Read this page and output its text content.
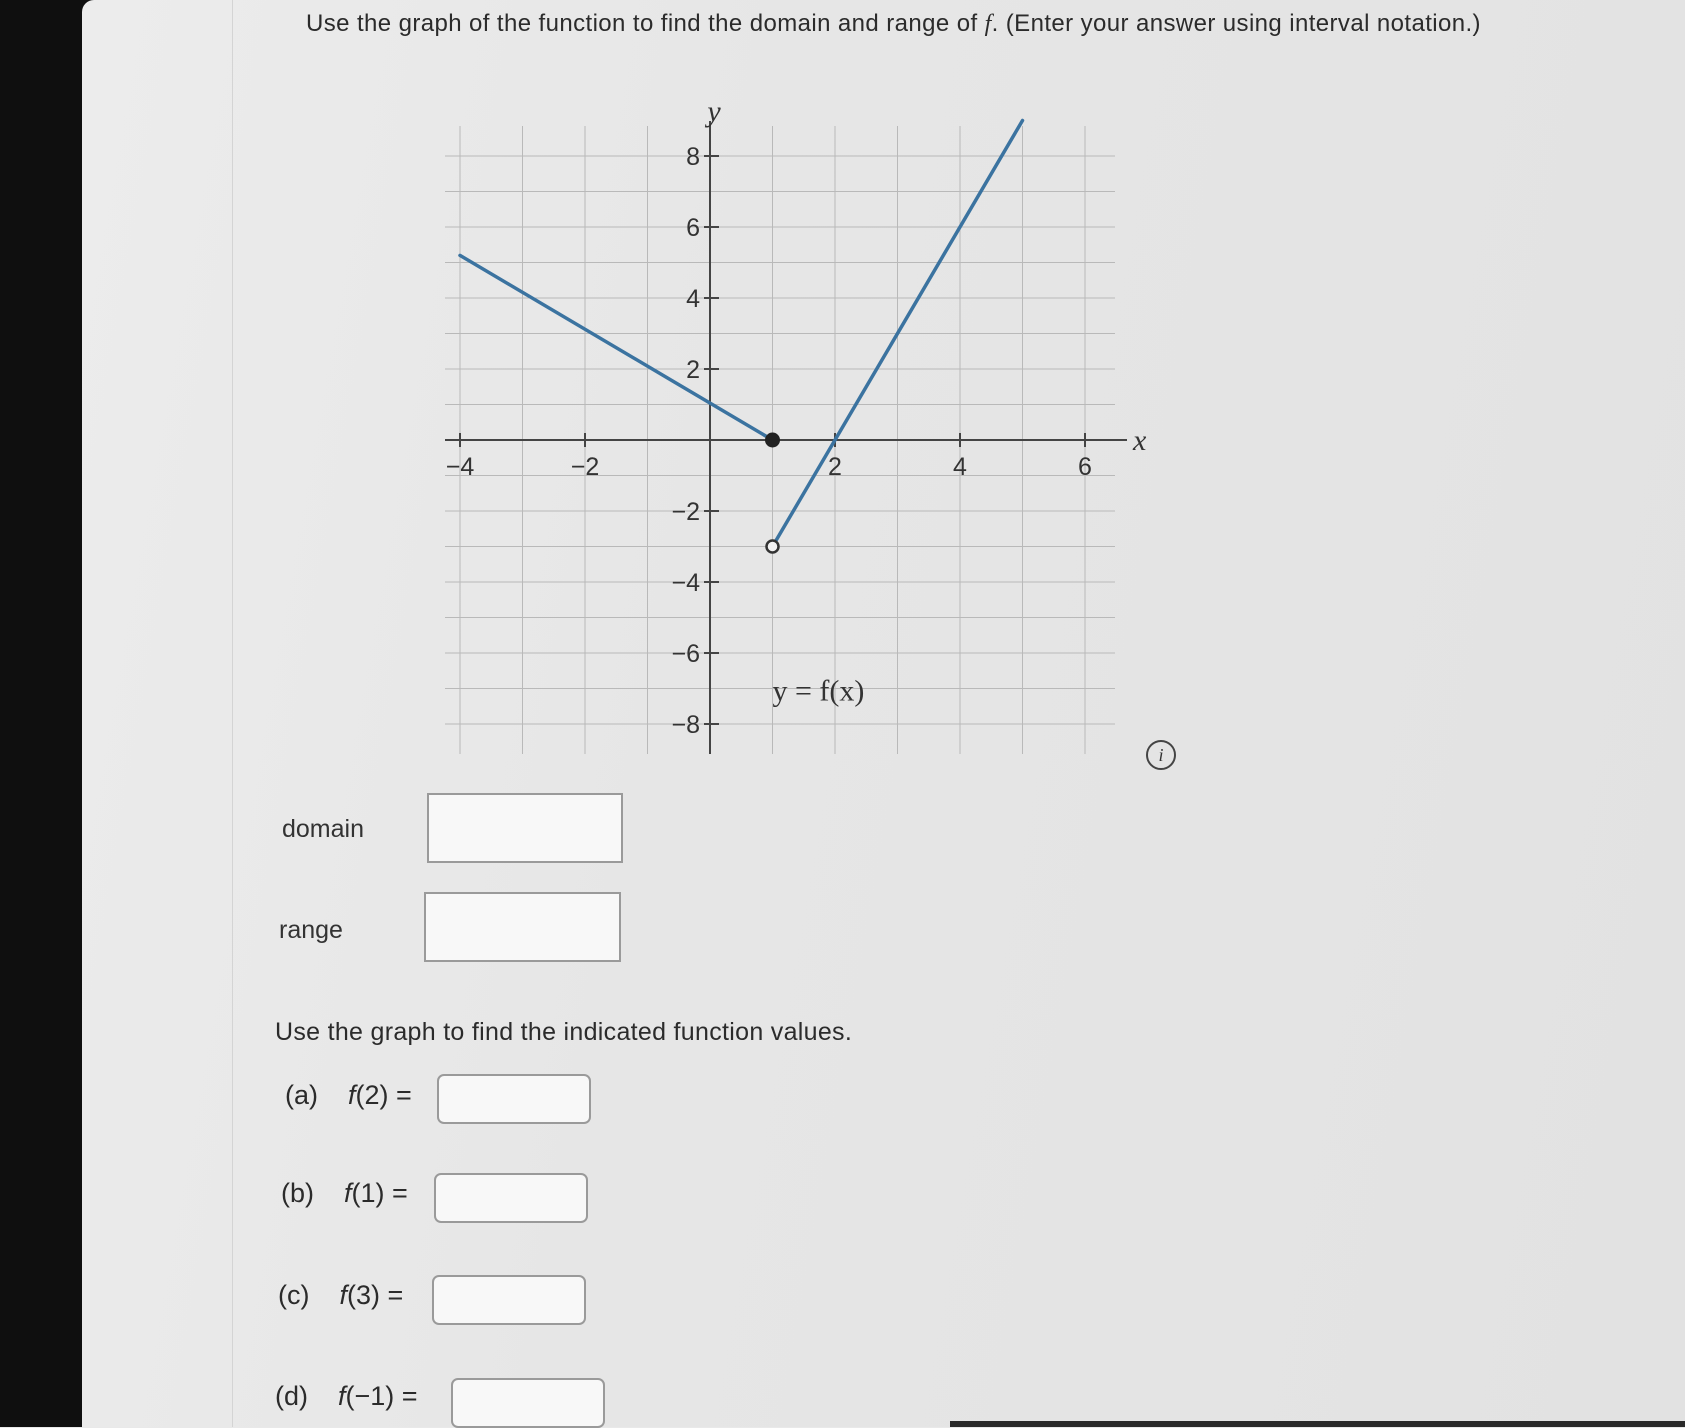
Use the graph of the function to find the domain and range of f. (Enter your answer using interval notation.)
−4	−2	2	4	6
8
6
4
2
−2
−4
−6
−8
y
x
y = f(x)
i
domain
range
Use the graph to find the indicated function values.
(a) f(2) =
(b) f(1) =
(c) f(3) =
(d) f(−1) =
